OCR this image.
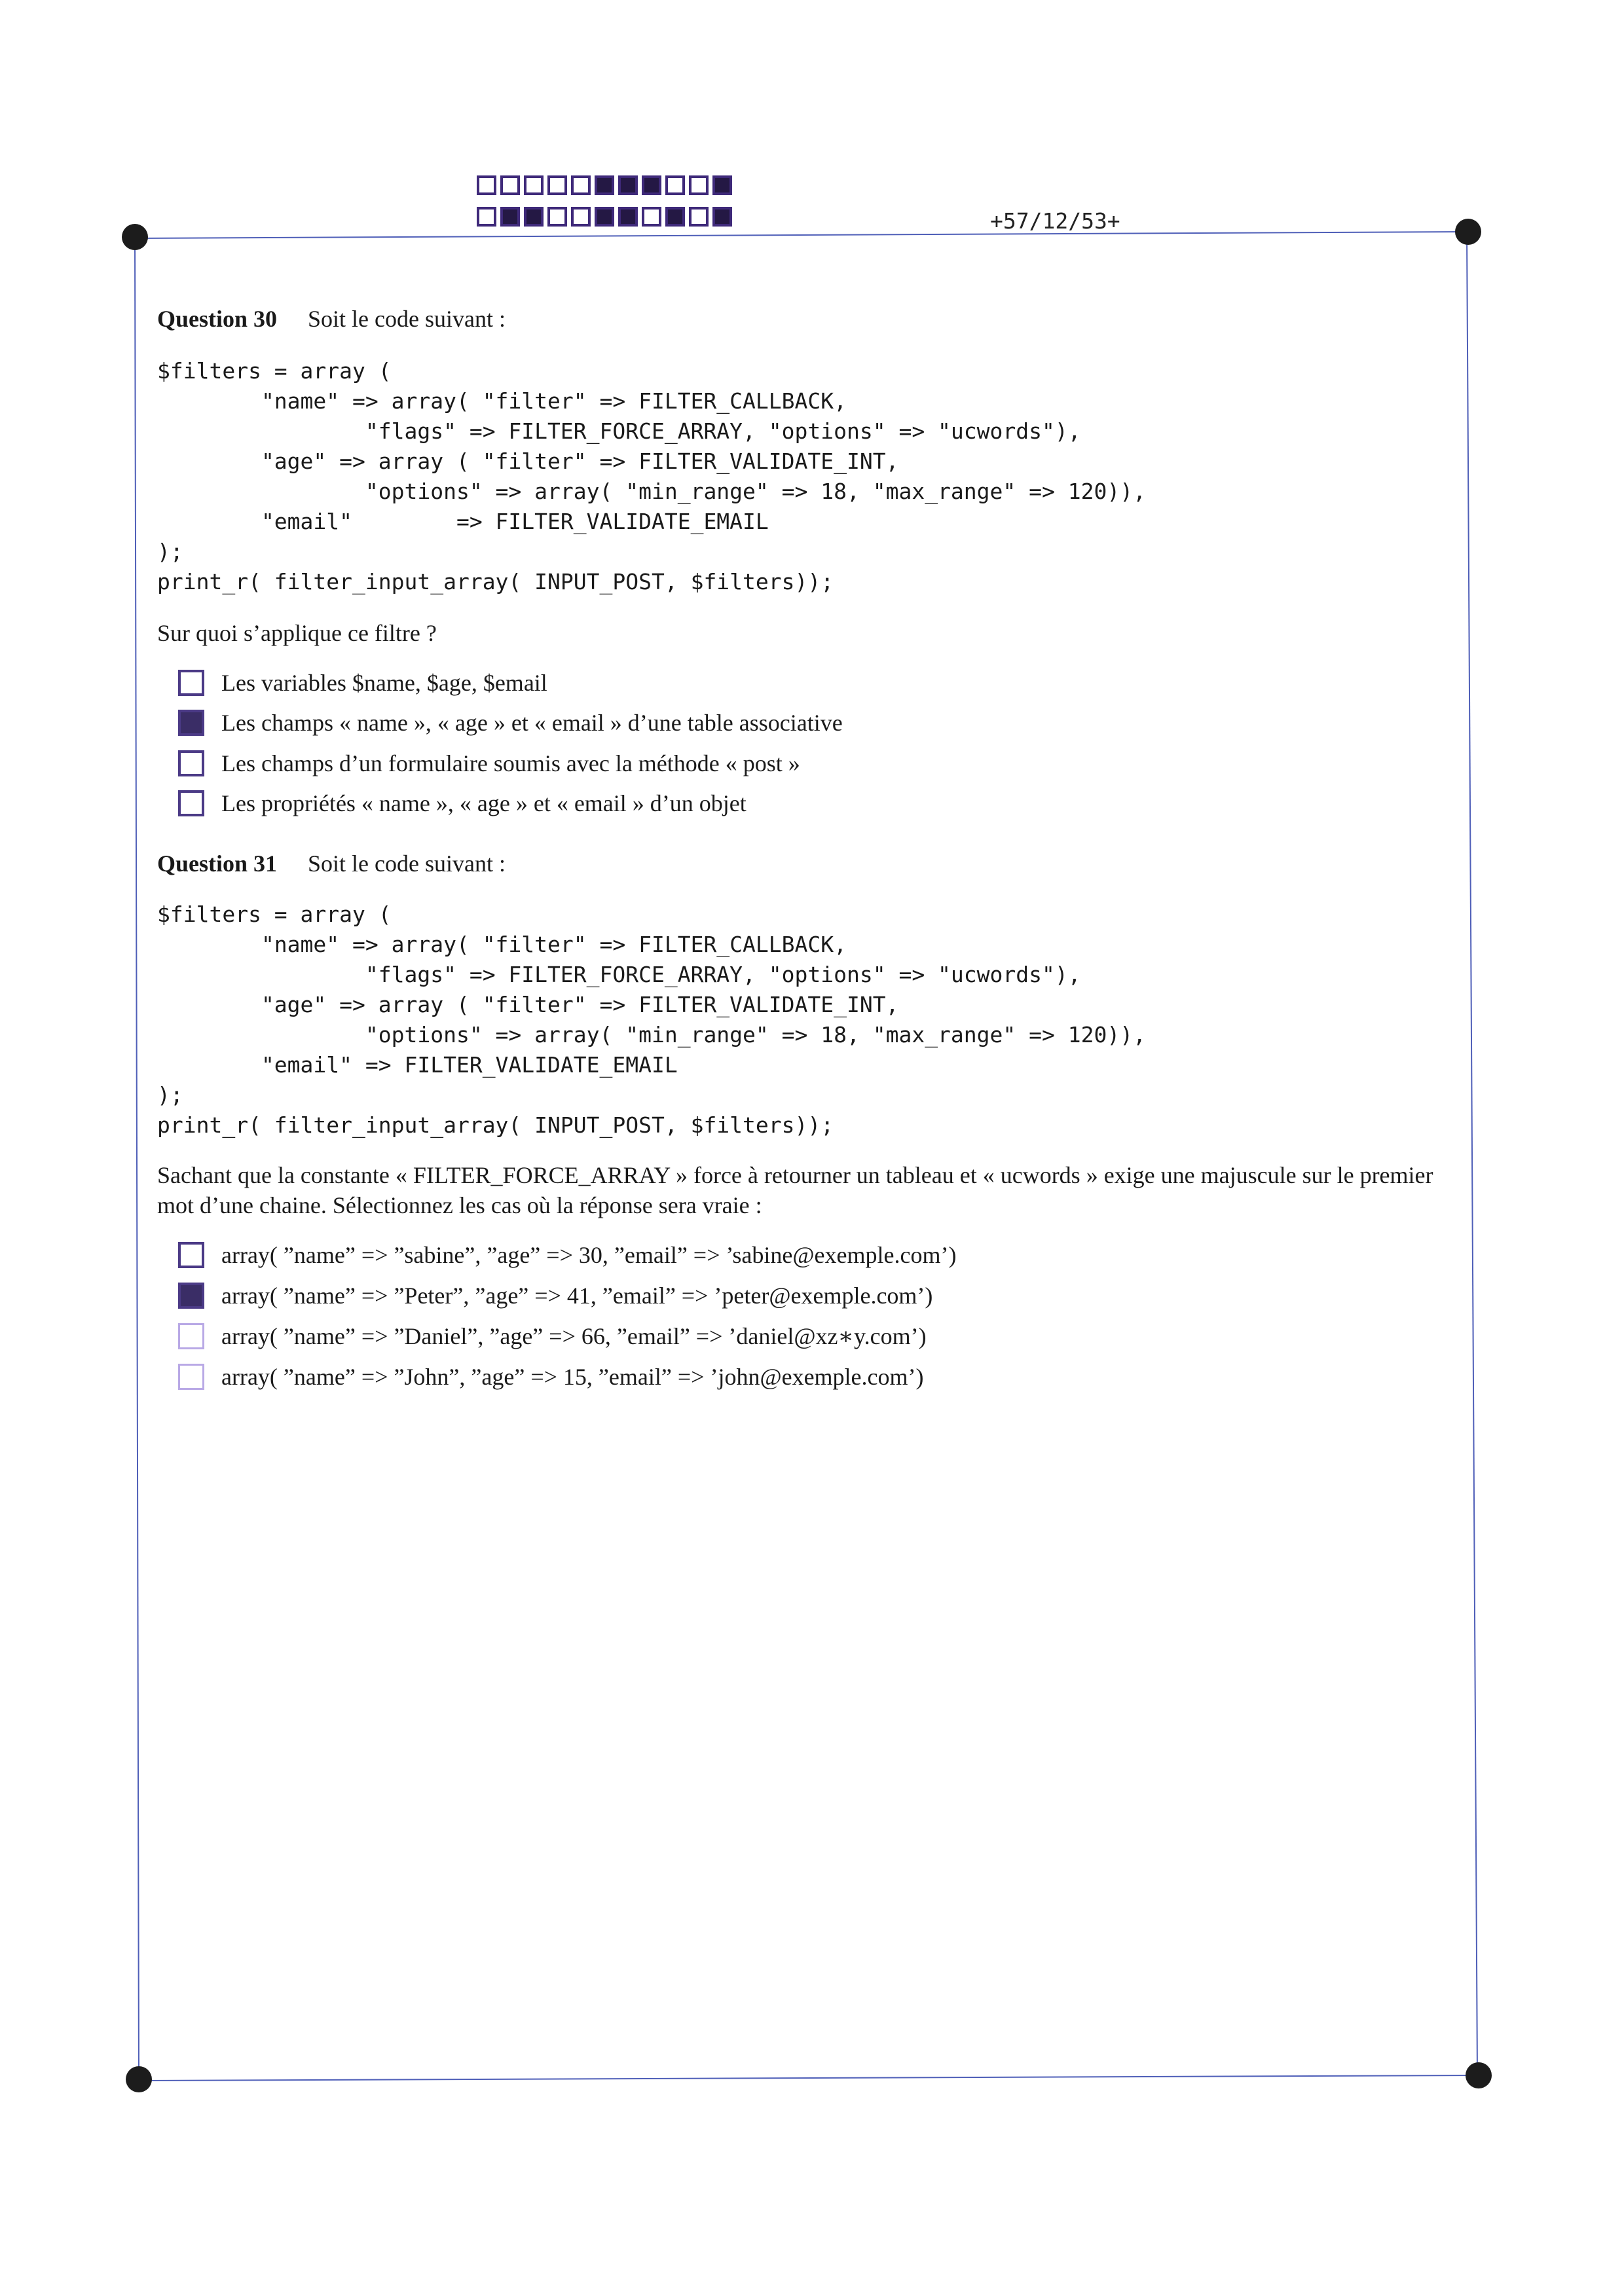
+57/12/53+
Question 30 Soit le code suivant :
$filters = array (
"name" => array( "filter" => FILTER_CALLBACK,
"flags" => FILTER_FORCE_ARRAY, "options" => "ucwords"),
"age" => array ( "filter" => FILTER_VALIDATE_INT,
"options" => array( "min_range" => 18, "max_range" => 120)),
"email"        => FILTER_VALIDATE_EMAIL
);
print_r( filter_input_array( INPUT_POST, $filters));
Sur quoi s’applique ce filtre ?
Les variables $name, $age, $email
Les champs « name », « age » et « email » d’une table associative
Les champs d’un formulaire soumis avec la méthode « post »
Les propriétés « name », « age » et « email » d’un objet
Question 31 Soit le code suivant :
$filters = array (
"name" => array( "filter" => FILTER_CALLBACK,
"flags" => FILTER_FORCE_ARRAY, "options" => "ucwords"),
"age" => array ( "filter" => FILTER_VALIDATE_INT,
"options" => array( "min_range" => 18, "max_range" => 120)),
"email" => FILTER_VALIDATE_EMAIL
);
print_r( filter_input_array( INPUT_POST, $filters));
Sachant que la constante « FILTER_FORCE_ARRAY » force à retourner un tableau et « ucwords » exige une majuscule sur le premier mot d’une chaine. Sélectionnez les cas où la réponse sera vraie :
array( ”name” => ”sabine”, ”age” => 30, ”email” => ’sabine@exemple.com’)
array( ”name” => ”Peter”, ”age” => 41, ”email” => ’peter@exemple.com’)
array( ”name” => ”Daniel”, ”age” => 66, ”email” => ’daniel@xz∗y.com’)
array( ”name” => ”John”, ”age” => 15, ”email” => ’john@exemple.com’)
